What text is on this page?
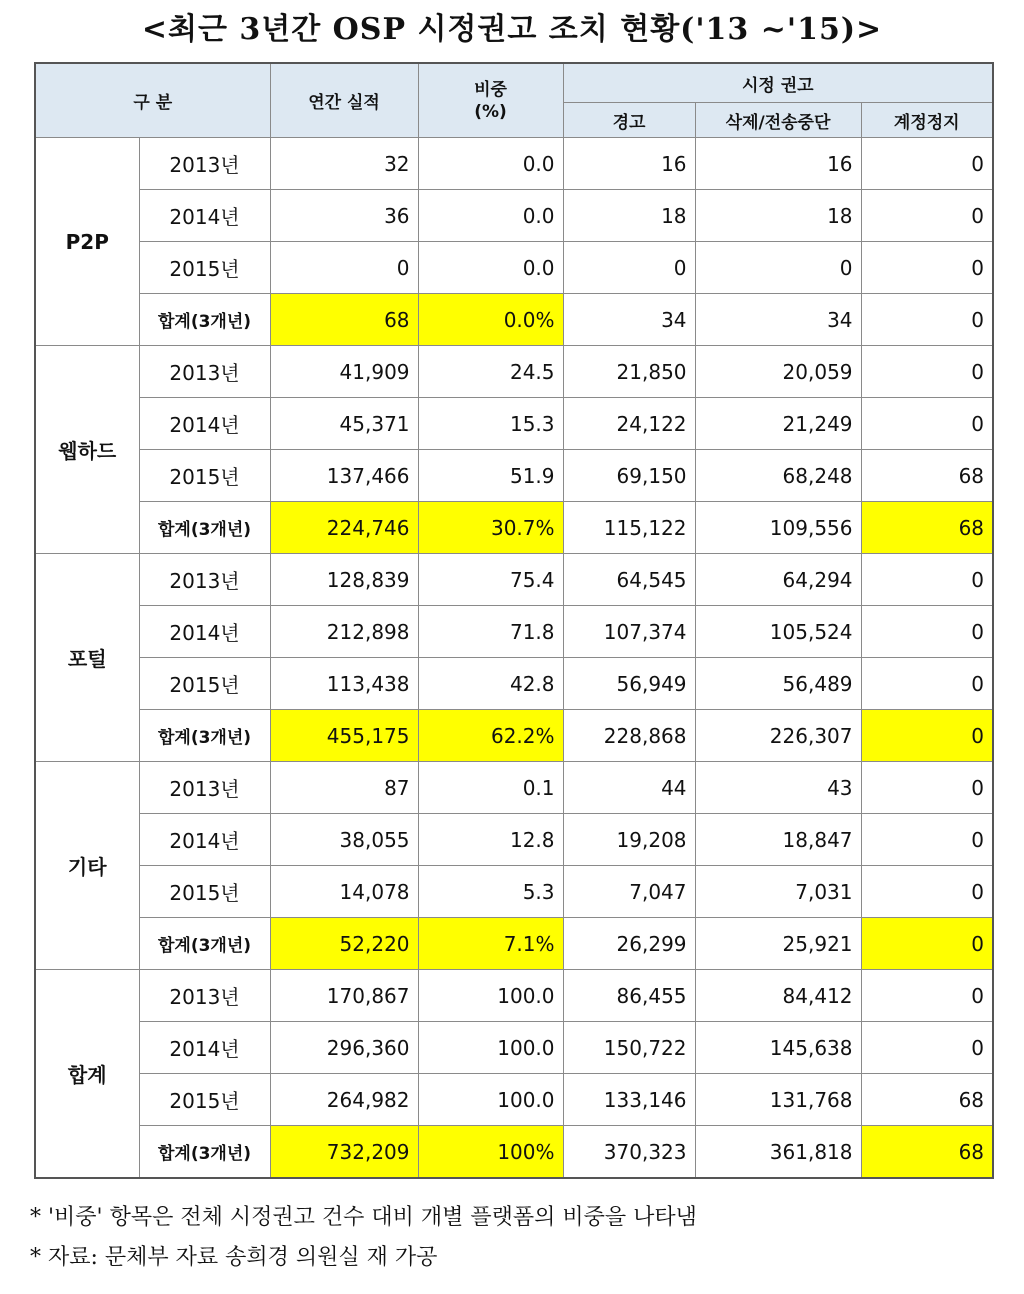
<최근 3년간 OSP 시정권고 조치 현황('13 ~'15)>
구 분		연간 실적	비중
(%)	시정 권고		
				경고	삭제/전송중단	계정정지
P2P	2013년	32	0.0	16	16	0
	2014년	36	0.0	18	18	0
	2015년	0	0.0	0	0	0
	합계(3개년)	68	0.0%	34	34	0
웹하드	2013년	41,909	24.5	21,850	20,059	0
	2014년	45,371	15.3	24,122	21,249	0
	2015년	137,466	51.9	69,150	68,248	68
	합계(3개년)	224,746	30.7%	115,122	109,556	68
포털	2013년	128,839	75.4	64,545	64,294	0
	2014년	212,898	71.8	107,374	105,524	0
	2015년	113,438	42.8	56,949	56,489	0
	합계(3개년)	455,175	62.2%	228,868	226,307	0
기타	2013년	87	0.1	44	43	0
	2014년	38,055	12.8	19,208	18,847	0
	2015년	14,078	5.3	7,047	7,031	0
	합계(3개년)	52,220	7.1%	26,299	25,921	0
합계	2013년	170,867	100.0	86,455	84,412	0
	2014년	296,360	100.0	150,722	145,638	0
	2015년	264,982	100.0	133,146	131,768	68
	합계(3개년)	732,209	100%	370,323	361,818	68
* '비중' 항목은 전체 시정권고 건수 대비 개별 플랫폼의 비중을 나타냄
* 자료: 문체부 자료 송희경 의원실 재 가공
